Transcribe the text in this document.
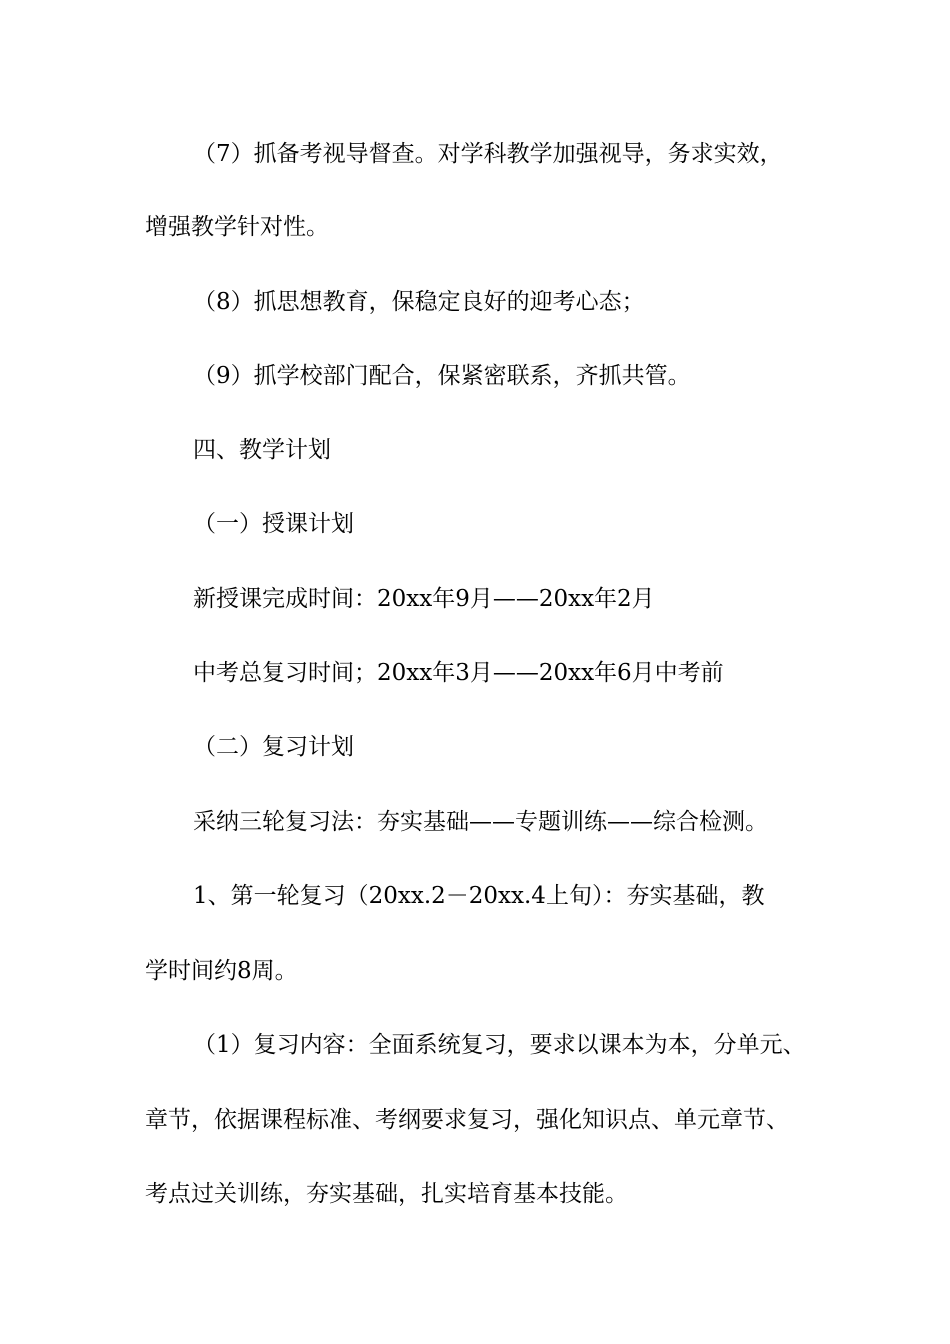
（7）抓备考视导督查。对学科教学加强视导，务求实效，

增强教学针对性。

（8）抓思想教育，保稳定良好的迎考心态；

（9）抓学校部门配合，保紧密联系，齐抓共管。

四、教学计划

（一）授课计划

新授课完成时间：20xx年9月——20xx年2月

中考总复习时间；20xx年3月——20xx年6月中考前

（二）复习计划

采纳三轮复习法：夯实基础——专题训练——综合检测。

1、第一轮复习（20xx.2－20xx.4上旬）：夯实基础，教

学时间约8周。

（1）复习内容：全面系统复习，要求以课本为本，分单元、

章节，依据课程标准、考纲要求复习，强化知识点、单元章节、

考点过关训练，夯实基础，扎实培育基本技能。
